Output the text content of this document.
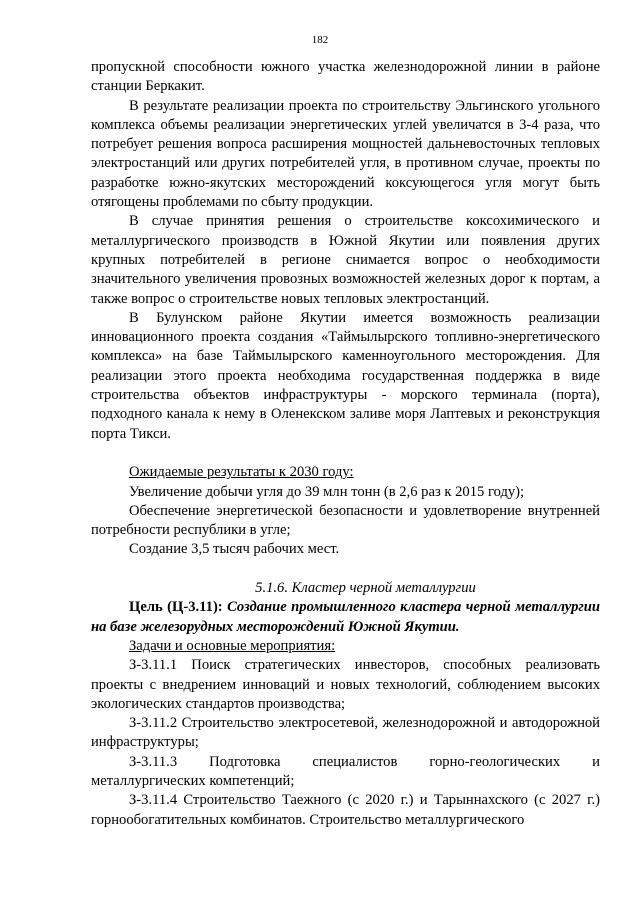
182

пропускной способности южного участка железнодорожной линии в районе станции Беркакит.

В результате реализации проекта по строительству Эльгинского угольного комплекса объемы реализации энергетических углей увеличатся в 3-4 раза, что потребует решения вопроса расширения мощностей дальневосточных тепловых электростанций или других потребителей угля, в противном случае, проекты по разработке южно-якутских месторождений коксующегося угля могут быть отягощены проблемами по сбыту продукции.

В случае принятия решения о строительстве коксохимического и металлургического производств в Южной Якутии или появления других крупных потребителей в регионе снимается вопрос о необходимости значительного увеличения провозных возможностей железных дорог к портам, а также вопрос о строительстве новых тепловых электростанций.

В Булунском районе Якутии имеется возможность реализации инновационного проекта создания «Таймылырского топливно-энергетического комплекса» на базе Таймылырского каменноугольного месторождения. Для реализации этого проекта необходима государственная поддержка в виде строительства объектов инфраструктуры - морского терминала (порта), подходного канала к нему в Оленекском заливе моря Лаптевых и реконструкция порта Тикси.

Ожидаемые результаты к 2030 году:

Увеличение добычи угля до 39 млн тонн (в 2,6 раз к 2015 году);

Обеспечение энергетической безопасности и удовлетворение внутренней потребности республики в угле;

Создание 3,5 тысяч рабочих мест.

5.1.6. Кластер черной металлургии

Цель (Ц-3.11): Создание промышленного кластера черной металлургии на базе железорудных месторождений Южной Якутии.

Задачи и основные мероприятия:

З-3.11.1 Поиск стратегических инвесторов, способных реализовать проекты с внедрением инноваций и новых технологий, соблюдением высоких экологических стандартов производства;

З-3.11.2 Строительство электросетевой, железнодорожной и автодорожной инфраструктуры;

З-3.11.3 Подготовка специалистов горно-геологических и металлургических компетенций;

З-3.11.4 Строительство Таежного (с 2020 г.) и Тарыннахского (с 2027 г.) горнообогатительных комбинатов. Строительство металлургического
